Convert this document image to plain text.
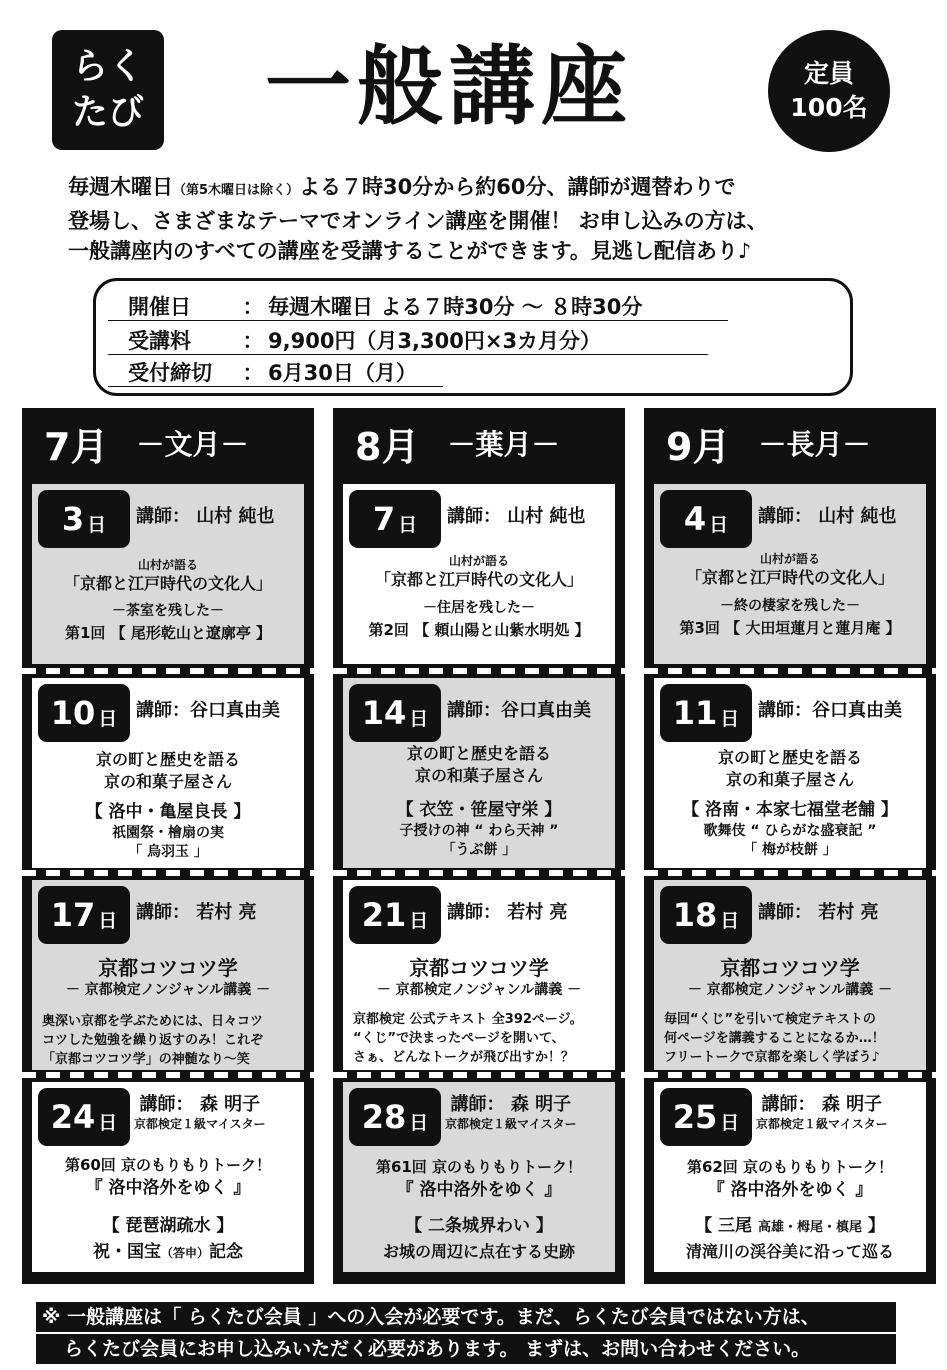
らく
たび 一般講座	定員
100名
毎週木曜日（第5木曜日は除く）よる７時30分から約60分、講師が週替わりで
登場し、さまざまなテーマでオンライン講座を開催！ お申し込みの方は、
一般講座内のすべての講座を受講することができます。見逃し配信あり♪
開催日	： 毎週木曜日 よる７時30分 ～ ８時30分
受講料	： 9,900円（月3,300円×3カ月分）
受付締切	： 6月30日（月）
7月 －文月－
3 日 講師： 山村 純也
山村が語る
「京都と江戸時代の文化人」
－茶室を残した－
第1回 【 尾形乾山と遼廓亭 】
10 日 講師：谷口真由美
京の町と歴史を語る
京の和菓子屋さん
【 洛中・亀屋良長 】
祇園祭・檜扇の実
「 烏羽玉 」
17 日 講師： 若村 亮
京都コツコツ学
－ 京都検定ノンジャンル講義 －
奥深い京都を学ぶためには、日々コツ
コツした勉強を繰り返すのみ！これぞ
「京都コツコツ学」の神髄なり～笑
24 日
講師： 森 明子
京都検定１級マイスター
第60回 京のもりもりトーク！
『 洛中洛外をゆく 』
【 琵琶湖疏水 】
祝・国宝（答申）記念
8月 －葉月－
7 日 講師： 山村 純也
山村が語る
「京都と江戸時代の文化人」
－住居を残した－
第2回 【 頼山陽と山紫水明処 】
14 日 講師：谷口真由美
京の町と歴史を語る
京の和菓子屋さん
【 衣笠・笹屋守栄 】
子授けの神 “ わら天神 ”
「うぶ餅 」
21 日 講師： 若村 亮
京都コツコツ学
－ 京都検定ノンジャンル講義 －
京都検定 公式テキスト 全392ページ。
“くじ”で決まったページを開いて、
さぁ、どんなトークが飛び出すか！？
28 日
講師： 森 明子
京都検定１級マイスター
第61回 京のもりもりトーク！
『 洛中洛外をゆく 』
【 二条城界わい 】
お城の周辺に点在する史跡
9月 －長月－
4 日 講師： 山村 純也
山村が語る
「京都と江戸時代の文化人」
－終の棲家を残した－
第3回 【 大田垣蓮月と蓮月庵 】
11 日 講師：谷口真由美
京の町と歴史を語る
京の和菓子屋さん
【 洛南・本家七福堂老舗 】
歌舞伎 “ ひらがな盛衰記 ”
「 梅が枝餅 」
18 日 講師： 若村 亮
京都コツコツ学
－ 京都検定ノンジャンル講義 －
毎回“くじ”を引いて検定テキストの
何ページを講義することになるか…！
フリートークで京都を楽しく学ぼう♪
25 日
講師： 森 明子
京都検定１級マイスター
第62回 京のもりもりトーク！
『 洛中洛外をゆく 』
【 三尾 高雄・栂尾・槙尾 】
清滝川の渓谷美に沿って巡る
※ 一般講座は「 らくたび会員 」への入会が必要です。まだ、らくたび会員ではない方は、
らくたび会員にお申し込みいただく必要があります。 まずは、お問い合わせください。
